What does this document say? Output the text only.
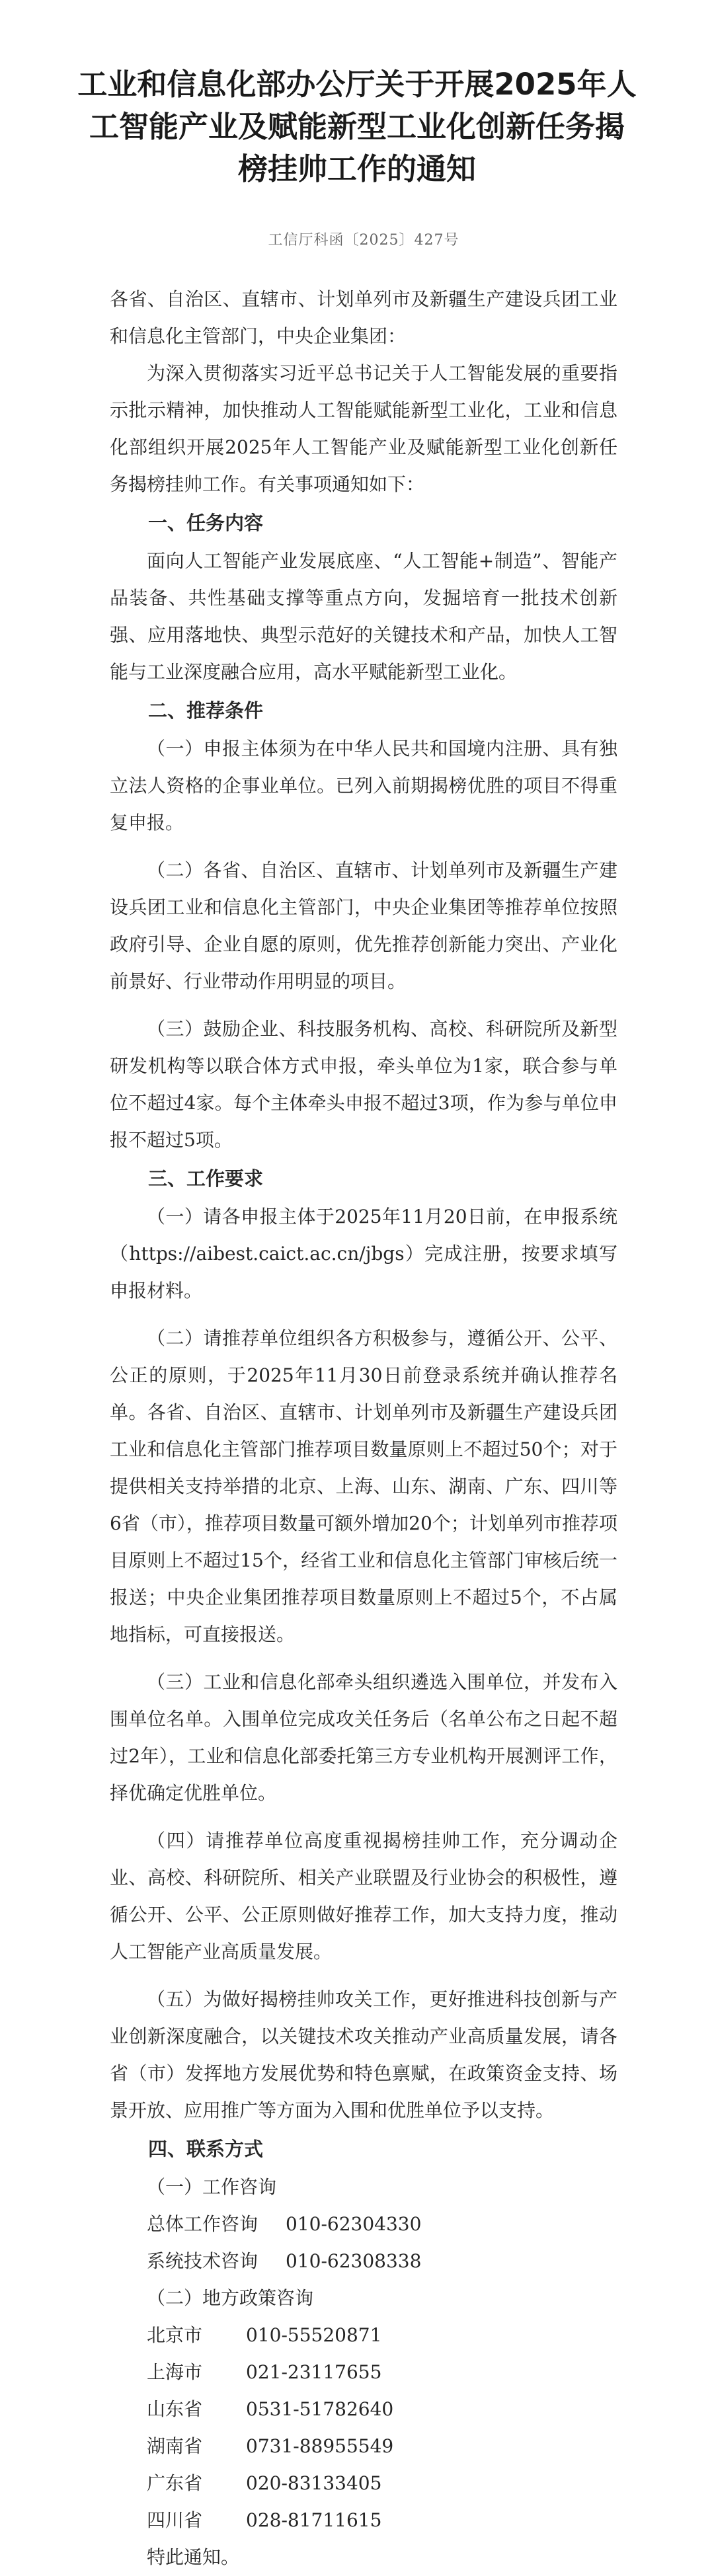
工业和信息化部办公厅关于开展2025年人工智能产业及赋能新型工业化创新任务揭榜挂帅工作的通知
工信厅科函〔2025〕427号

各省、自治区、直辖市、计划单列市及新疆生产建设兵团工业和信息化主管部门，中央企业集团：

为深入贯彻落实习近平总书记关于人工智能发展的重要指示批示精神，加快推动人工智能赋能新型工业化，工业和信息化部组织开展2025年人工智能产业及赋能新型工业化创新任务揭榜挂帅工作。有关事项通知如下：

一、任务内容

面向人工智能产业发展底座、“人工智能+制造”、智能产品装备、共性基础支撑等重点方向，发掘培育一批技术创新强、应用落地快、典型示范好的关键技术和产品，加快人工智能与工业深度融合应用，高水平赋能新型工业化。

二、推荐条件

（一）申报主体须为在中华人民共和国境内注册、具有独立法人资格的企事业单位。已列入前期揭榜优胜的项目不得重复申报。

（二）各省、自治区、直辖市、计划单列市及新疆生产建设兵团工业和信息化主管部门，中央企业集团等推荐单位按照政府引导、企业自愿的原则，优先推荐创新能力突出、产业化前景好、行业带动作用明显的项目。

（三）鼓励企业、科技服务机构、高校、科研院所及新型研发机构等以联合体方式申报，牵头单位为1家，联合参与单位不超过4家。每个主体牵头申报不超过3项，作为参与单位申报不超过5项。

三、工作要求

（一）请各申报主体于2025年11月20日前，在申报系统（https://aibest.caict.ac.cn/jbgs）完成注册，按要求填写申报材料。

（二）请推荐单位组织各方积极参与，遵循公开、公平、公正的原则，于2025年11月30日前登录系统并确认推荐名单。各省、自治区、直辖市、计划单列市及新疆生产建设兵团工业和信息化主管部门推荐项目数量原则上不超过50个；对于提供相关支持举措的北京、上海、山东、湖南、广东、四川等6省（市），推荐项目数量可额外增加20个；计划单列市推荐项目原则上不超过15个，经省工业和信息化主管部门审核后统一报送；中央企业集团推荐项目数量原则上不超过5个，不占属地指标，可直接报送。

（三）工业和信息化部牵头组织遴选入围单位，并发布入围单位名单。入围单位完成攻关任务后（名单公布之日起不超过2年），工业和信息化部委托第三方专业机构开展测评工作，择优确定优胜单位。

（四）请推荐单位高度重视揭榜挂帅工作，充分调动企业、高校、科研院所、相关产业联盟及行业协会的积极性，遵循公开、公平、公正原则做好推荐工作，加大支持力度，推动人工智能产业高质量发展。

（五）为做好揭榜挂帅攻关工作，更好推进科技创新与产业创新深度融合，以关键技术攻关推动产业高质量发展，请各省（市）发挥地方发展优势和特色禀赋，在政策资金支持、场景开放、应用推广等方面为入围和优胜单位予以支持。

四、联系方式

（一）工作咨询

总体工作咨询	010-62304330
系统技术咨询	010-62308338

（二）地方政策咨询

北京市	010-55520871
上海市	021-23117655
山东省	0531-51782640
湖南省	0731-88955549
广东省	020-83133405
四川省	028-81711615

特此通知。
